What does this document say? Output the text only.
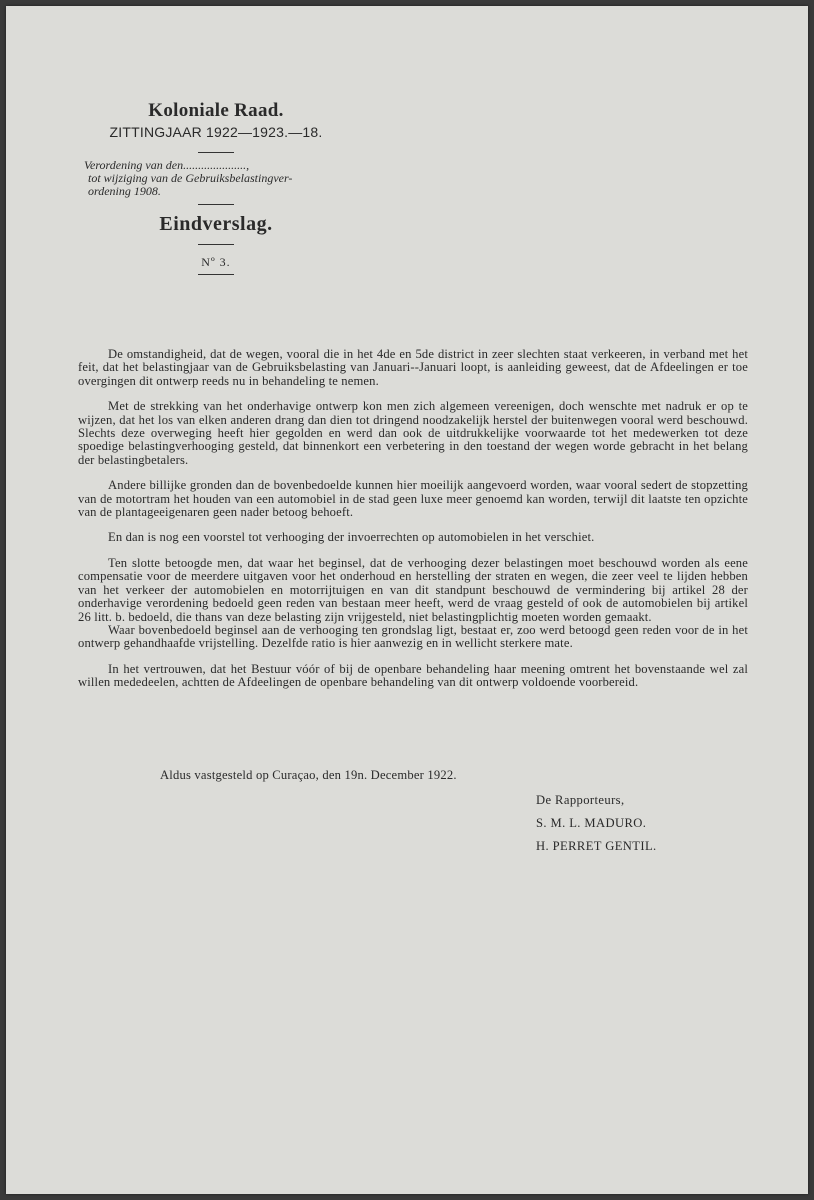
Koloniale Raad.
ZITTINGJAAR 1922—1923.—18.
Verordening van den.....................,
tot wijziging van de Gebruiksbelastingver-
ordening 1908.
Eindverslag.
Nº 3.

De omstandigheid, dat de wegen, vooral die in het 4de en 5de district in zeer slechten staat verkeeren, in verband met het feit, dat het belastingjaar van de Gebruiksbelasting van Januari--Januari loopt, is aanleiding geweest, dat de Afdeelingen er toe overgingen dit ontwerp reeds nu in behandeling te nemen.

Met de strekking van het onderhavige ontwerp kon men zich algemeen vereenigen, doch wenschte met nadruk er op te wijzen, dat het los van elken anderen drang dan dien tot dringend noodzakelijk herstel der buitenwegen vooral werd beschouwd. Slechts deze overweging heeft hier gegolden en werd dan ook de uitdrukkelijke voorwaarde tot het medewerken tot deze spoedige belastingverhooging gesteld, dat binnenkort een verbetering in den toestand der wegen worde gebracht in het belang der belastingbetalers.

Andere billijke gronden dan de bovenbedoelde kunnen hier moeilijk aangevoerd worden, waar vooral sedert de stopzetting van de motortram het houden van een automobiel in de stad geen luxe meer genoemd kan worden, terwijl dit laatste ten opzichte van de plantageeigenaren geen nader betoog behoeft.

En dan is nog een voorstel tot verhooging der invoerrechten op automobielen in het verschiet.

Ten slotte betoogde men, dat waar het beginsel, dat de verhooging dezer belastingen moet beschouwd worden als eene compensatie voor de meerdere uitgaven voor het onderhoud en herstelling der straten en wegen, die zeer veel te lijden hebben van het verkeer der automobielen en motorrijtuigen en van dit standpunt beschouwd de vermindering bij artikel 28 der onderhavige verordening bedoeld geen reden van bestaan meer heeft, werd de vraag gesteld of ook de automobielen bij artikel 26 litt. b. bedoeld, die thans van deze belasting zijn vrijgesteld, niet belastingplichtig moeten worden gemaakt.

Waar bovenbedoeld beginsel aan de verhooging ten grondslag ligt, bestaat er, zoo werd betoogd geen reden voor de in het ontwerp gehandhaafde vrijstelling. Dezelfde ratio is hier aanwezig en in wellicht sterkere mate.

In het vertrouwen, dat het Bestuur vóór of bij de openbare behandeling haar meening omtrent het bovenstaande wel zal willen mededeelen, achtten de Afdeelingen de openbare behandeling van dit ontwerp voldoende voorbereid.

Aldus vastgesteld op Curaçao, den 19n. December 1922.
De Rapporteurs,
S. M. L. MADURO.
H. PERRET GENTIL.
